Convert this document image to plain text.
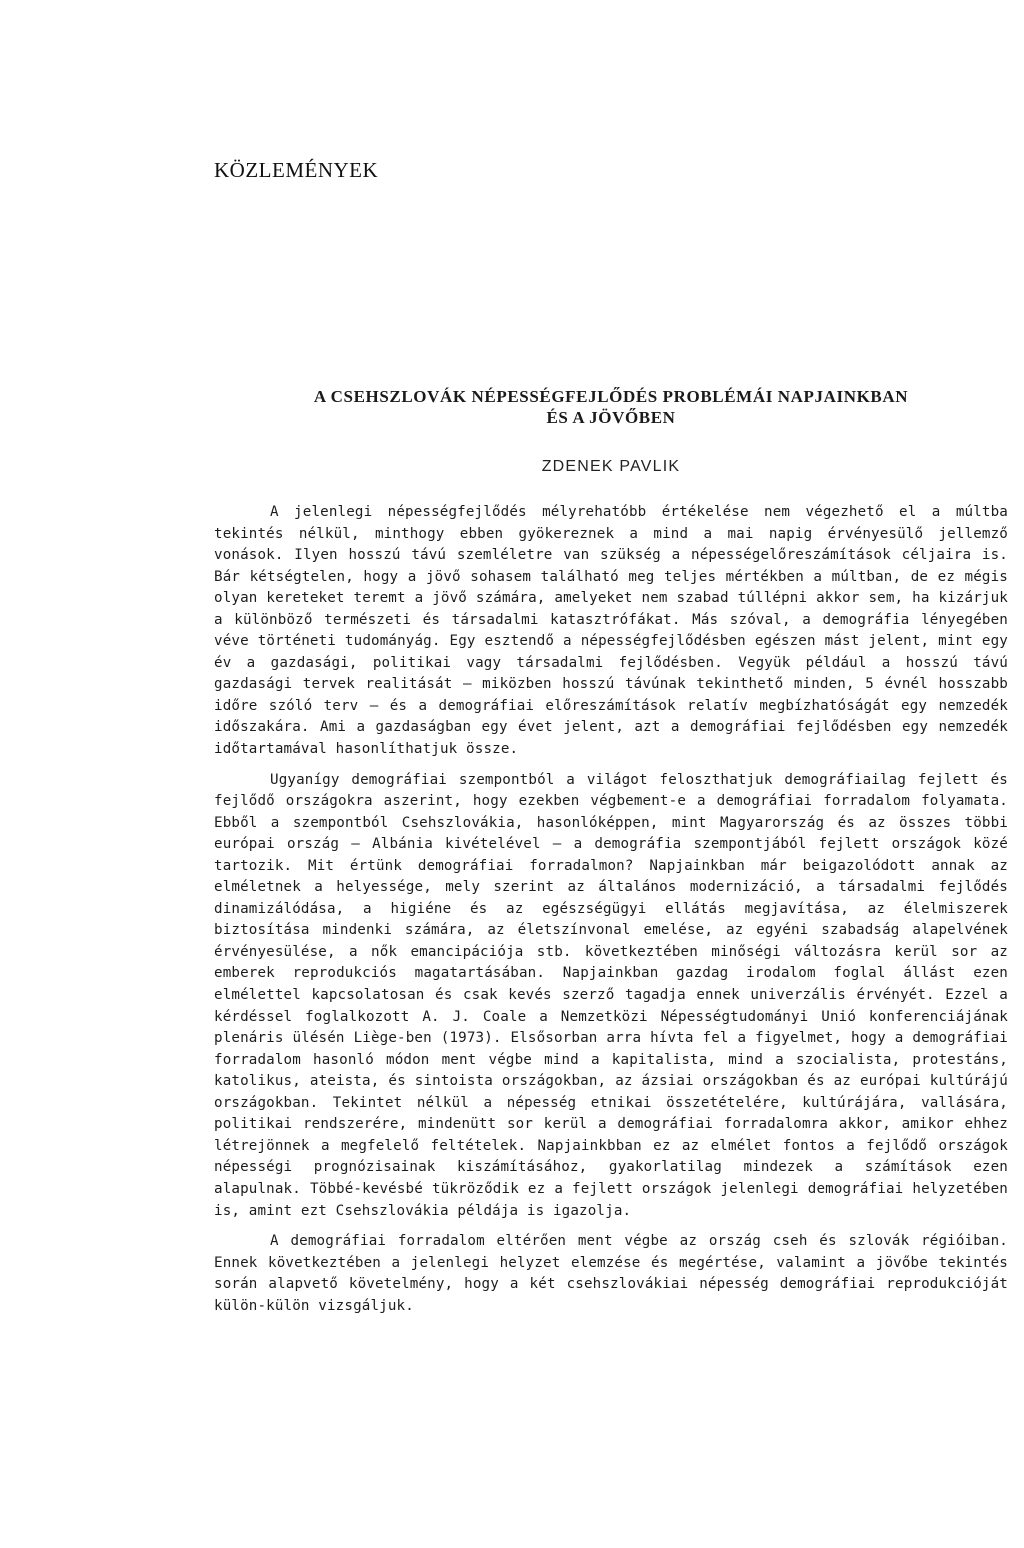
KÖZLEMÉNYEK
A CSEHSZLOVÁK NÉPESSÉGFEJLŐDÉS PROBLÉMÁI NAPJAINKBAN
ÉS A JÖVŐBEN
ZDENEK PAVLIK

A jelenlegi népességfejlődés mélyrehatóbb értékelése nem végezhető el a múltba tekintés nélkül, minthogy ebben gyökereznek a mind a mai napig érvényesülő jellemző vonások. Ilyen hosszú távú szemléletre van szükség a népességelőreszámítások céljaira is. Bár kétségtelen, hogy a jövő sohasem található meg teljes mértékben a múltban, de ez mégis olyan kereteket teremt a jövő számára, amelyeket nem szabad túllépni akkor sem, ha kizárjuk a különböző természeti és társadalmi katasztrófákat. Más szóval, a demográfia lényegében véve történeti tudományág. Egy esztendő a népességfejlődésben egészen mást jelent, mint egy év a gazdasági, politikai vagy társadalmi fejlődésben. Vegyük például a hosszú távú gazdasági tervek realitását — miközben hosszú távúnak tekinthető minden, 5 évnél hosszabb időre szóló terv — és a demográfiai előreszámítások relatív megbízhatóságát egy nemzedék időszakára. Ami a gazdaságban egy évet jelent, azt a demográfiai fejlődésben egy nemzedék időtartamával hasonlíthatjuk össze.

Ugyanígy demográfiai szempontból a világot feloszthatjuk demográfiailag fejlett és fejlődő országokra aszerint, hogy ezekben végbement-e a demográfiai forradalom folyamata. Ebből a szempontból Csehszlovákia, hasonlóképpen, mint Magyarország és az összes többi európai ország — Albánia kivételével — a demográfia szempontjából fejlett országok közé tartozik. Mit értünk demográfiai forradalmon? Napjainkban már beigazolódott annak az elméletnek a helyessége, mely szerint az általános modernizáció, a társadalmi fejlődés dinamizálódása, a higiéne és az egészségügyi ellátás megjavítása, az élelmiszerek biztosítása mindenki számára, az életszínvonal emelése, az egyéni szabadság alapelvének érvényesülése, a nők emancipációja stb. következtében minőségi változásra kerül sor az emberek reprodukciós magatartásában. Napjainkban gazdag irodalom foglal állást ezen elmélettel kapcsolatosan és csak kevés szerző tagadja ennek univerzális érvényét. Ezzel a kérdéssel foglalkozott A. J. Coale a Nemzetközi Népességtudományi Unió konferenciájának plenáris ülésén Liège-ben (1973). Elsősorban arra hívta fel a figyelmet, hogy a demográfiai forradalom hasonló módon ment végbe mind a kapitalista, mind a szocialista, protestáns, katolikus, ateista, és sintoista országokban, az ázsiai országokban és az európai kultúrájú országokban. Tekintet nélkül a népesség etnikai összetételére, kultúrájára, vallására, politikai rendszerére, mindenütt sor kerül a demográfiai forradalomra akkor, amikor ehhez létrejönnek a megfelelő feltételek. Napjainkbban ez az elmélet fontos a fejlődő országok népességi prognózisainak kiszámításához, gyakorlatilag mindezek a számítások ezen alapulnak. Többé-kevésbé tükröződik ez a fejlett országok jelenlegi demográfiai helyzetében is, amint ezt Csehszlovákia példája is igazolja.

A demográfiai forradalom eltérően ment végbe az ország cseh és szlovák régióiban. Ennek következtében a jelenlegi helyzet elemzése és megértése, valamint a jövőbe tekintés során alapvető követelmény, hogy a két csehszlovákiai népesség demográfiai reprodukcióját külön-külön vizsgáljuk.
